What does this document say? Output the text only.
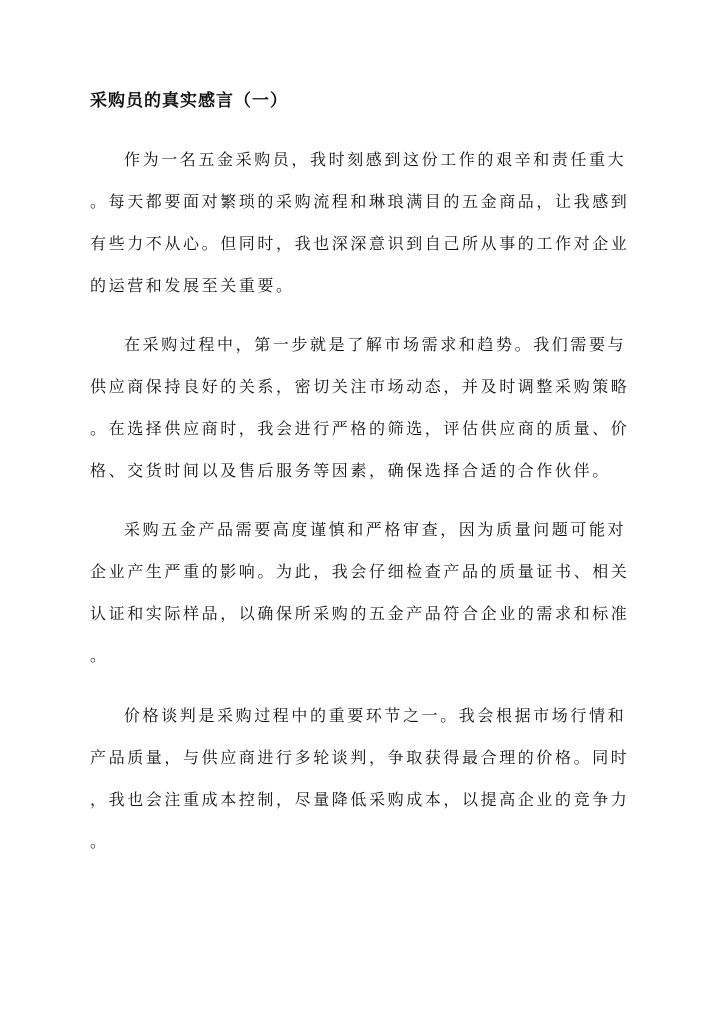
采购员的真实感言（一）

作为一名五金采购员，我时刻感到这份工作的艰辛和责任重大

。每天都要面对繁琐的采购流程和琳琅满目的五金商品，让我感到

有些力不从心。但同时，我也深深意识到自己所从事的工作对企业

的运营和发展至关重要。

在采购过程中，第一步就是了解市场需求和趋势。我们需要与

供应商保持良好的关系，密切关注市场动态，并及时调整采购策略

。在选择供应商时，我会进行严格的筛选，评估供应商的质量、价

格、交货时间以及售后服务等因素，确保选择合适的合作伙伴。

采购五金产品需要高度谨慎和严格审查，因为质量问题可能对

企业产生严重的影响。为此，我会仔细检查产品的质量证书、相关

认证和实际样品，以确保所采购的五金产品符合企业的需求和标准

。

价格谈判是采购过程中的重要环节之一。我会根据市场行情和

产品质量，与供应商进行多轮谈判，争取获得最合理的价格。同时

，我也会注重成本控制，尽量降低采购成本，以提高企业的竞争力

。
